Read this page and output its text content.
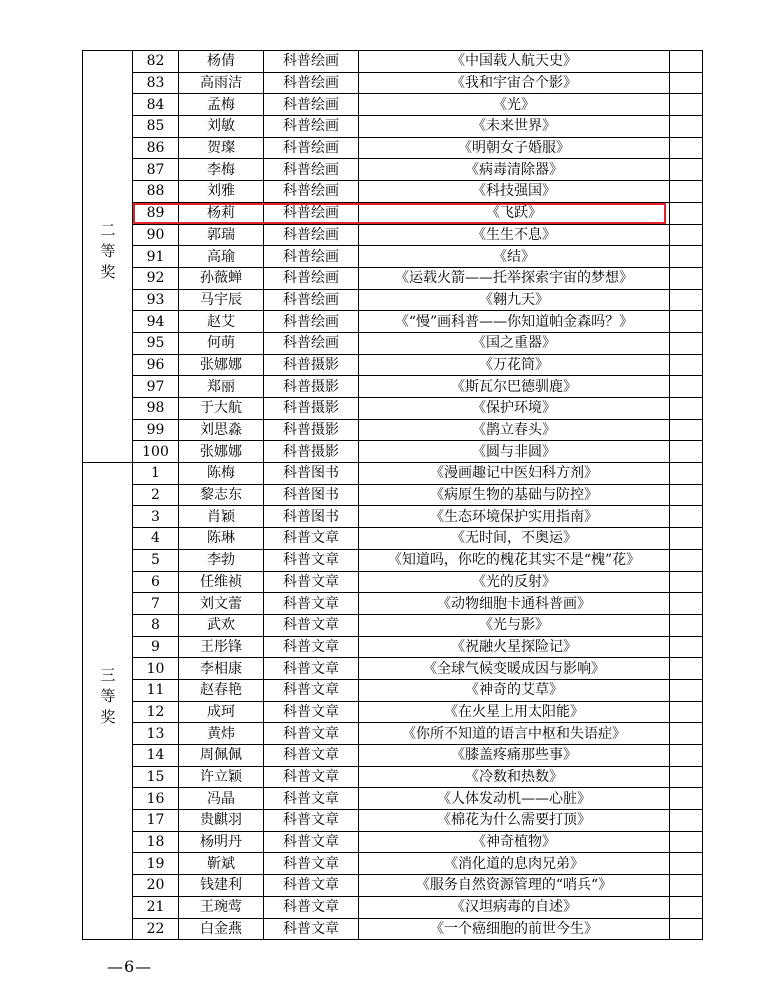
二等奖	82	杨倩	科普绘画	《中国载人航天史》	
	83	高雨洁	科普绘画	《我和宇宙合个影》	
	84	孟梅	科普绘画	《光》	
	85	刘敏	科普绘画	《未来世界》	
	86	贺璨	科普绘画	《明朝女子婚服》	
	87	李梅	科普绘画	《病毒清除器》	
	88	刘雅	科普绘画	《科技强国》	
	89	杨莉	科普绘画	《飞跃》	
	90	郭瑞	科普绘画	《生生不息》	
	91	高瑜	科普绘画	《结》	
	92	孙薇蝉	科普绘画	《运载火箭——托举探索宇宙的梦想》	
	93	马宇辰	科普绘画	《翱九天》	
	94	赵艾	科普绘画	《“慢”画科普——你知道帕金森吗？》	
	95	何萌	科普绘画	《国之重器》	
	96	张娜娜	科普摄影	《万花筒》	
	97	郑丽	科普摄影	《斯瓦尔巴德驯鹿》	
	98	于大航	科普摄影	《保护环境》	
	99	刘思淼	科普摄影	《鹊立春头》	
	100	张娜娜	科普摄影	《圆与非圆》	
三等奖	1	陈梅	科普图书	《漫画趣记中医妇科方剂》	
	2	黎志东	科普图书	《病原生物的基础与防控》	
	3	肖颖	科普图书	《生态环境保护实用指南》	
	4	陈琳	科普文章	《无时间，不奥运》	
	5	李勃	科普文章	《知道吗，你吃的槐花其实不是“槐”花》	
	6	任维祯	科普文章	《光的反射》	
	7	刘文蕾	科普文章	《动物细胞卡通科普画》	
	8	武欢	科普文章	《光与影》	
	9	王彤锋	科普文章	《祝融火星探险记》	
	10	李相康	科普文章	《全球气候变暖成因与影响》	
	11	赵春艳	科普文章	《神奇的艾草》	
	12	成珂	科普文章	《在火星上用太阳能》	
	13	黄炜	科普文章	《你所不知道的语言中枢和失语症》	
	14	周佩佩	科普文章	《膝盖疼痛那些事》	
	15	许立颖	科普文章	《冷数和热数》	
	16	冯晶	科普文章	《人体发动机——心脏》	
	17	贵麒羽	科普文章	《棉花为什么需要打顶》	
	18	杨明丹	科普文章	《神奇植物》	
	19	靳斌	科普文章	《消化道的息肉兄弟》	
	20	钱建利	科普文章	《服务自然资源管理的“哨兵“》	
	21	王琬莺	科普文章	《汉坦病毒的自述》	
	22	白金燕	科普文章	《一个癌细胞的前世今生》	
—6—
